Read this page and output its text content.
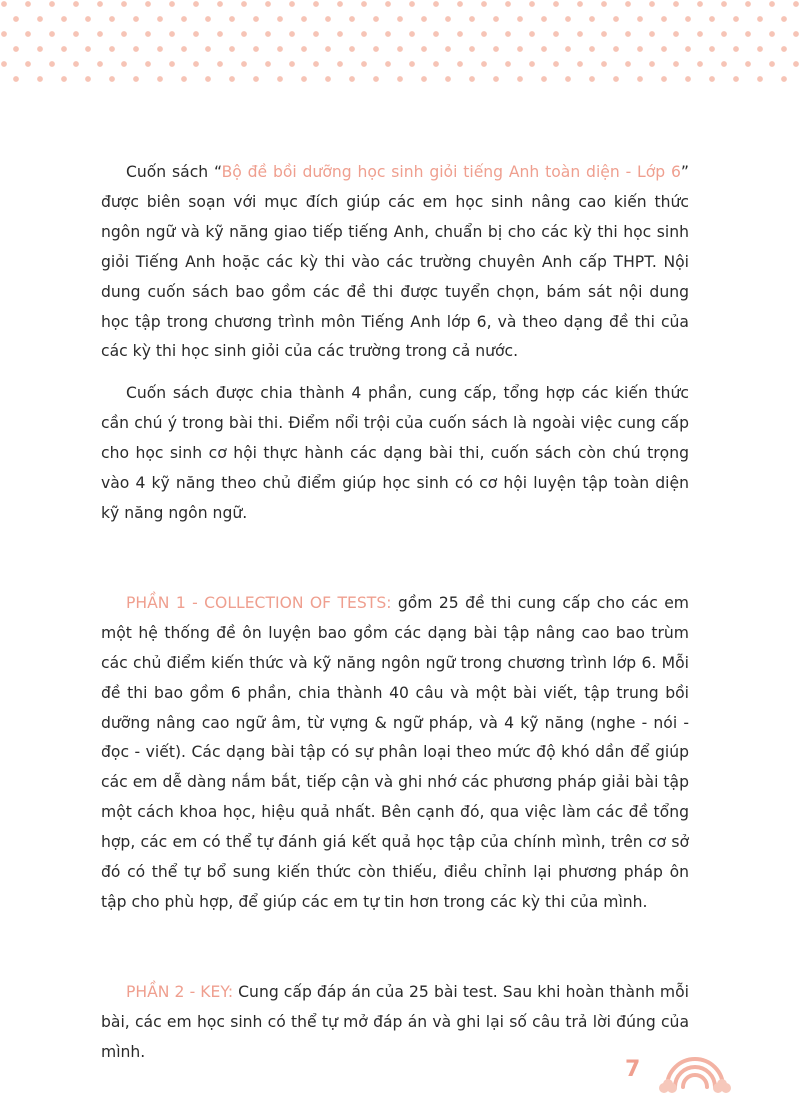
Cuốn sách “Bộ đề bồi dưỡng học sinh giỏi tiếng Anh toàn diện - Lớp 6” được biên soạn với mục đích giúp các em học sinh nâng cao kiến thức ngôn ngữ và kỹ năng giao tiếp tiếng Anh, chuẩn bị cho các kỳ thi học sinh giỏi Tiếng Anh hoặc các kỳ thi vào các trường chuyên Anh cấp THPT. Nội dung cuốn sách bao gồm các đề thi được tuyển chọn, bám sát nội dung học tập trong chương trình môn Tiếng Anh lớp 6, và theo dạng đề thi của các kỳ thi học sinh giỏi của các trường trong cả nước.

Cuốn sách được chia thành 4 phần, cung cấp, tổng hợp các kiến thức cần chú ý trong bài thi. Điểm nổi trội của cuốn sách là ngoài việc cung cấp cho học sinh cơ hội thực hành các dạng bài thi, cuốn sách còn chú trọng vào 4 kỹ năng theo chủ điểm giúp học sinh có cơ hội luyện tập toàn diện kỹ năng ngôn ngữ.

PHẦN 1 - COLLECTION OF TESTS: gồm 25 đề thi cung cấp cho các em một hệ thống đề ôn luyện bao gồm các dạng bài tập nâng cao bao trùm các chủ điểm kiến thức và kỹ năng ngôn ngữ trong chương trình lớp 6. Mỗi đề thi bao gồm 6 phần, chia thành 40 câu và một bài viết, tập trung bồi dưỡng nâng cao ngữ âm, từ vựng & ngữ pháp, và 4 kỹ năng (nghe - nói - đọc - viết). Các dạng bài tập có sự phân loại theo mức độ khó dần để giúp các em dễ dàng nắm bắt, tiếp cận và ghi nhớ các phương pháp giải bài tập một cách khoa học, hiệu quả nhất. Bên cạnh đó, qua việc làm các đề tổng hợp, các em có thể tự đánh giá kết quả học tập của chính mình, trên cơ sở đó có thể tự bổ sung kiến thức còn thiếu, điều chỉnh lại phương pháp ôn tập cho phù hợp, để giúp các em tự tin hơn trong các kỳ thi của mình.

PHẦN 2 - KEY: Cung cấp đáp án của 25 bài test. Sau khi hoàn thành mỗi bài, các em học sinh có thể tự mở đáp án và ghi lại số câu trả lời đúng của mình.

7
